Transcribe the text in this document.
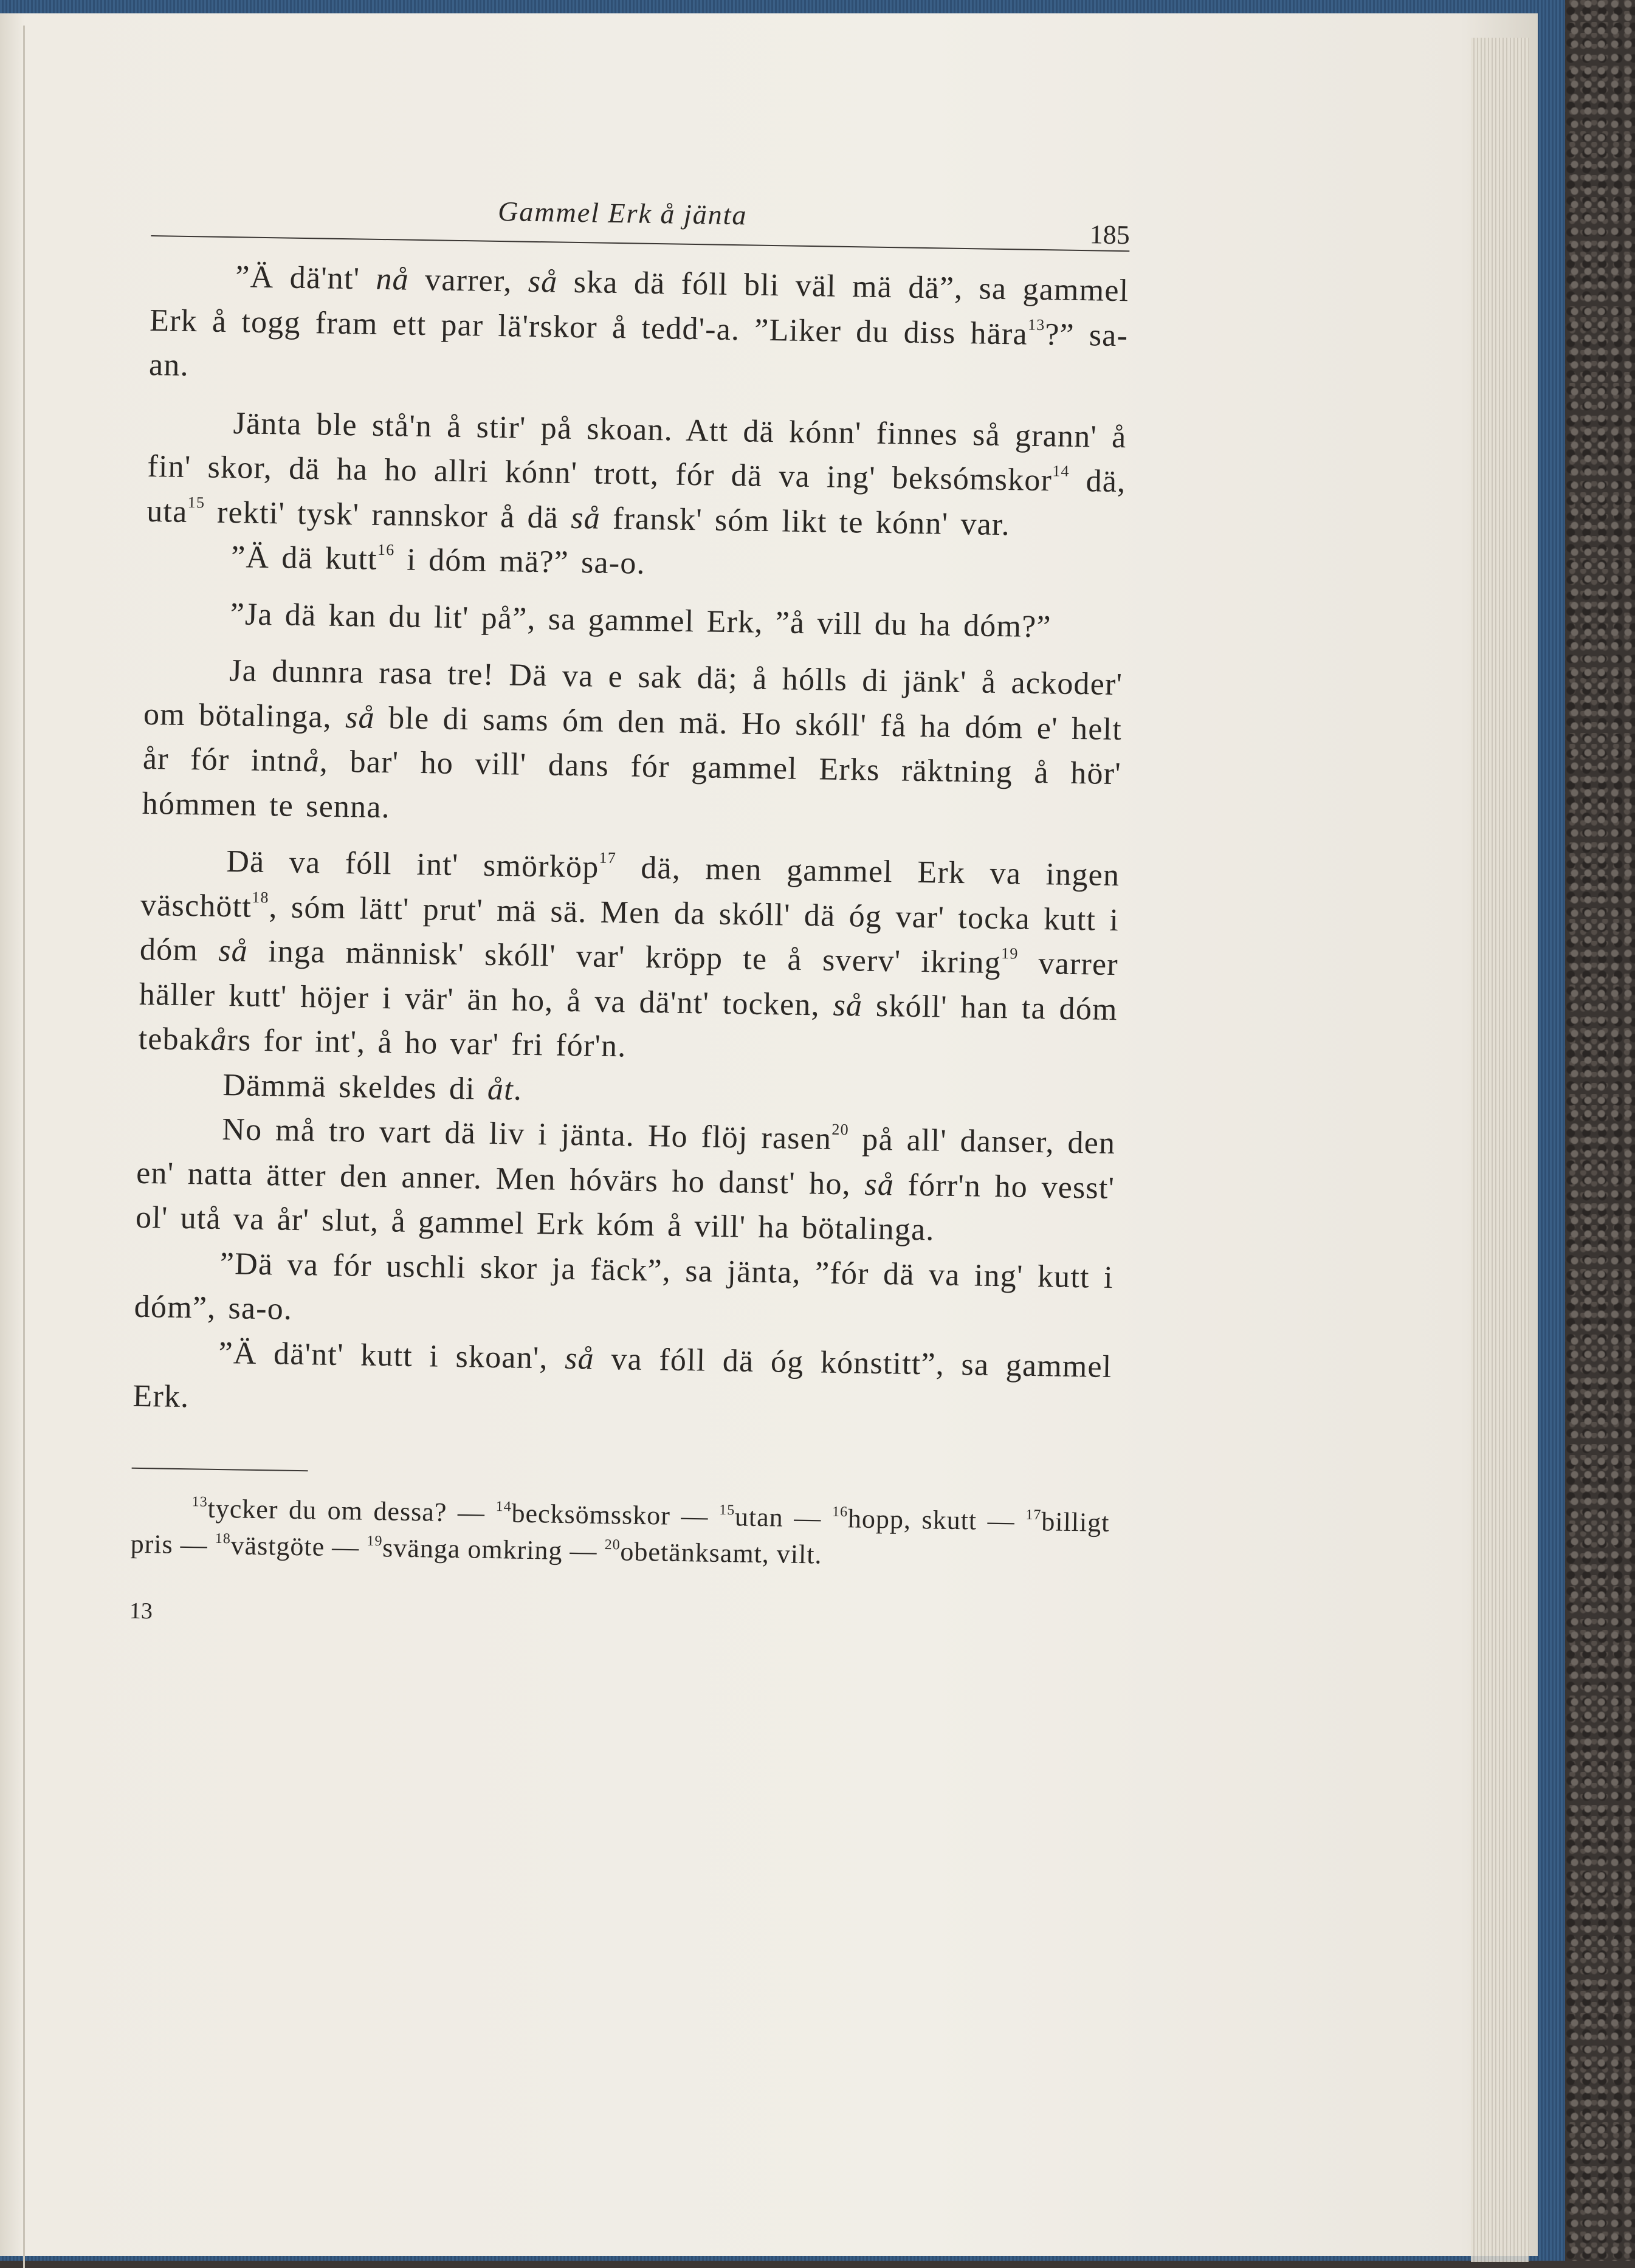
Gammel Erk å jänta
185

”Ä dä'nt' nå varrer, så ska dä fóll bli väl mä dä”, sa gammel Erk å togg fram ett par lä'rskor å tedd'-a. ”Liker du diss hära$^{13}$?” sa-an.

Jänta ble stå'n å stir' på skoan. Att dä kónn' finnes så grann' å fin' skor, dä ha ho allri kónn' trott, fór dä va ing' beksómskor$^{14}$ dä, uta$^{15}$ rekti' tysk' rannskor å dä så fransk' sóm likt te kónn' var.

”Ä dä kutt$^{16}$ i dóm mä?” sa-o.

”Ja dä kan du lit' på”, sa gammel Erk, ”å vill du ha dóm?”

Ja dunnra rasa tre! Dä va e sak dä; å hólls di jänk' å ackoder' om bötalinga, så ble di sams óm den mä. Ho skóll' få ha dóm e' helt år fór intnå, bar' ho vill' dans fór gammel Erks räktning å hör' hómmen te senna.

Dä va fóll int' smörköp$^{17}$ dä, men gammel Erk va ingen väschött$^{18}$, sóm lätt' prut' mä sä. Men da skóll' dä óg var' tocka kutt i dóm så inga människ' skóll' var' kröpp te å sverv' ikring$^{19}$ varrer häller kutt' höjer i vär' än ho, å va dä'nt' tocken, så skóll' han ta dóm tebakårs for int', å ho var' fri fór'n.

Dämmä skeldes di åt.

No må tro vart dä liv i jänta. Ho flöj rasen$^{20}$ på all' danser, den en' natta ätter den anner. Men hóvärs ho danst' ho, så fórr'n ho vesst' ol' utå va år' slut, å gammel Erk kóm å vill' ha bötalinga.

”Dä va fór uschli skor ja fäck”, sa jänta, ”fór dä va ing' kutt i dóm”, sa-o.

”Ä dä'nt' kutt i skoan', så va fóll dä óg kónstitt”, sa gammel Erk.

$^{13}$tycker du om dessa? — $^{14}$becksömsskor — $^{15}$utan — $^{16}$hopp, skutt — $^{17}$billigt pris — $^{18}$västgöte — $^{19}$svänga omkring — $^{20}$obetänksamt, vilt.
13
